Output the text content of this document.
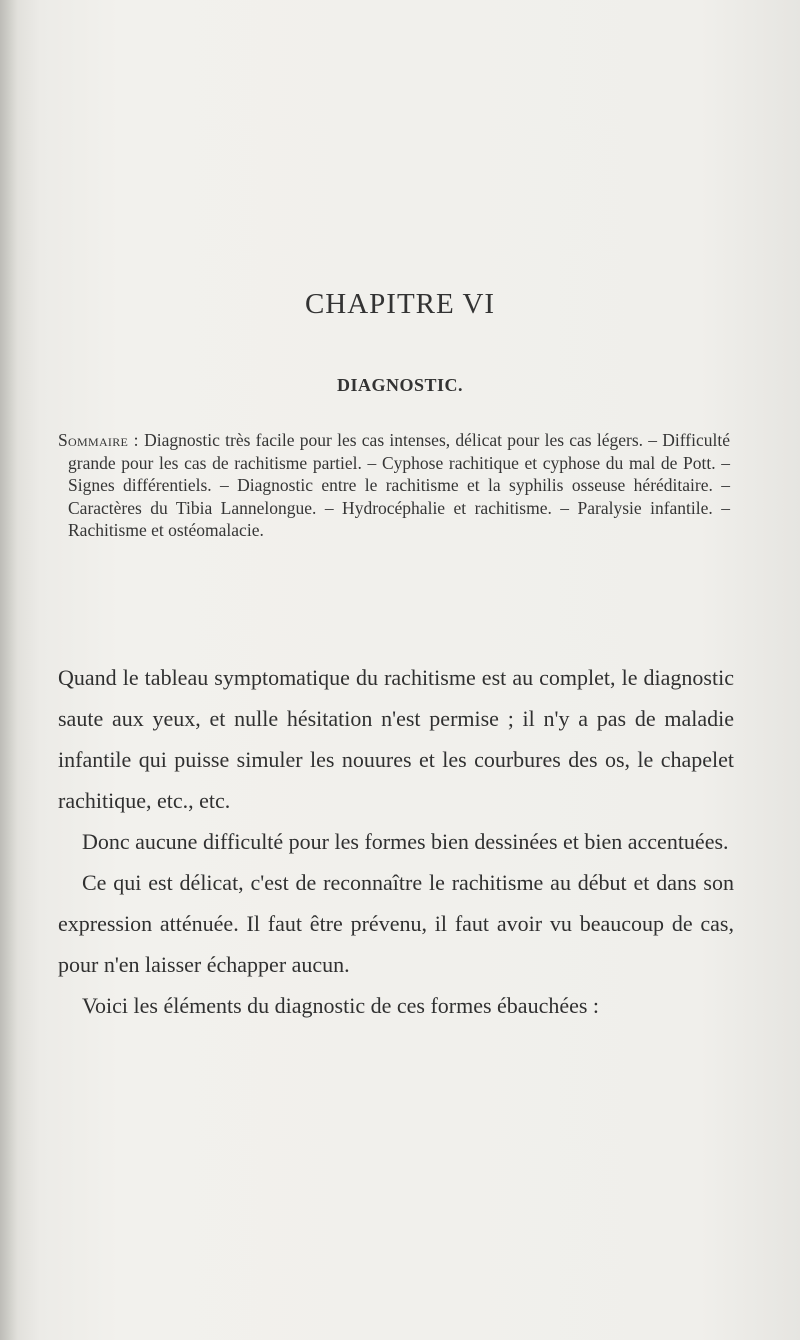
CHAPITRE VI
DIAGNOSTIC.

Sommaire : Diagnostic très facile pour les cas intenses, délicat pour les cas légers. – Difficulté grande pour les cas de rachitisme partiel. – Cyphose rachitique et cyphose du mal de Pott. – Signes différentiels. – Diagnostic entre le rachitisme et la syphilis osseuse héréditaire. – Caractères du Tibia Lannelongue. – Hydrocéphalie et rachitisme. – Paralysie infantile. – Rachitisme et ostéomalacie.

Quand le tableau symptomatique du rachitisme est au complet, le diagnostic saute aux yeux, et nulle hésitation n'est permise ; il n'y a pas de maladie infantile qui puisse simuler les nouures et les courbures des os, le chapelet rachitique, etc., etc.

Donc aucune difficulté pour les formes bien dessinées et bien accentuées.

Ce qui est délicat, c'est de reconnaître le rachitisme au début et dans son expression atténuée. Il faut être prévenu, il faut avoir vu beaucoup de cas, pour n'en laisser échapper aucun.

Voici les éléments du diagnostic de ces formes ébauchées :
